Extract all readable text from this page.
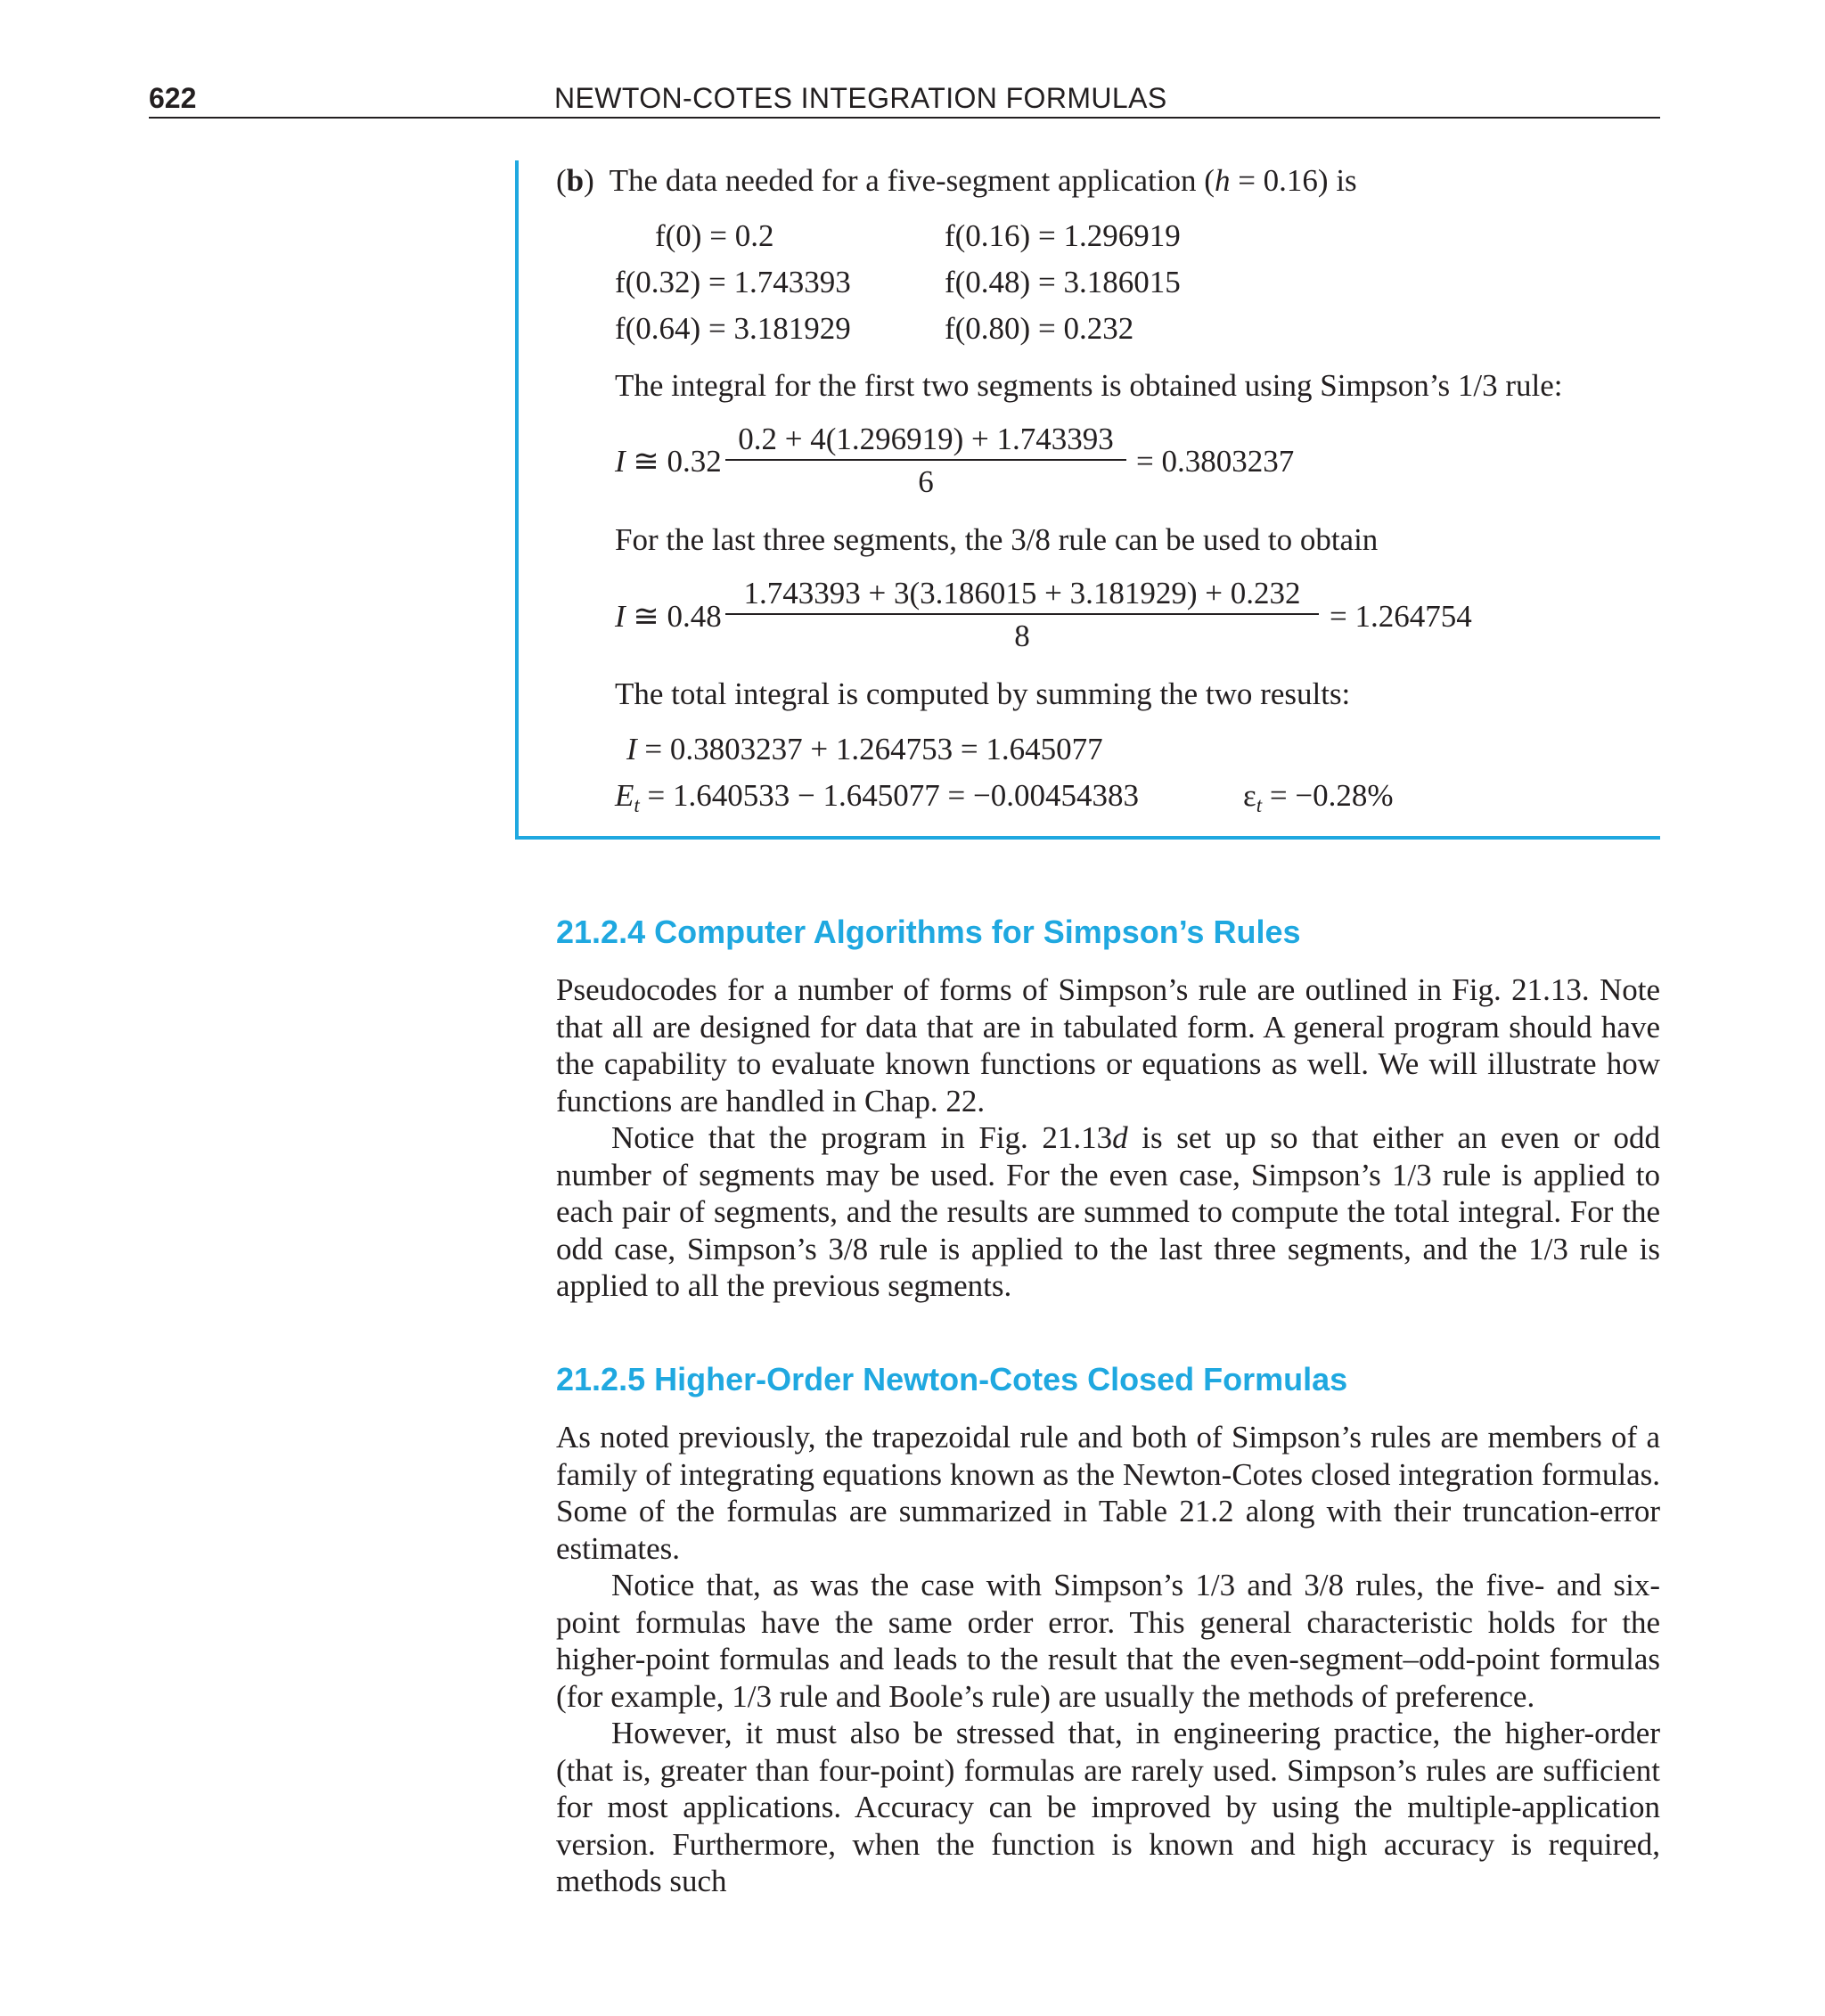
622	NEWTON-COTES INTEGRATION FORMULAS
(b)  The data needed for a five-segment application (h = 0.16) is
f(0) = 0.2	f(0.16) = 1.296919
f(0.32) = 1.743393	f(0.48) = 3.186015
f(0.64) = 3.181929	f(0.80) = 0.232
The integral for the first two segments is obtained using Simpson’s 1/3 rule:
I ≅ 0.32
0.2 + 4(1.296919) + 1.743393
6
= 0.3803237
For the last three segments, the 3/8 rule can be used to obtain
I ≅ 0.48
1.743393 + 3(3.186015 + 3.181929) + 0.232
8
= 1.264754
The total integral is computed by summing the two results:
I = 0.3803237 + 1.264753 = 1.645077
$E_t = 1.640533 - 1.645077 = -0.00454383$	$\varepsilon_t = -0.28\%$
21.2.4 Computer Algorithms for Simpson’s Rules

Pseudocodes for a number of forms of Simpson’s rule are outlined in Fig. 21.13. Note that all are designed for data that are in tabulated form. A general program should have the capability to evaluate known functions or equations as well. We will illustrate how functions are handled in Chap. 22.

Notice that the program in Fig. 21.13d is set up so that either an even or odd number of segments may be used. For the even case, Simpson’s 1/3 rule is applied to each pair of segments, and the results are summed to compute the total integral. For the odd case, Simpson’s 3/8 rule is applied to the last three segments, and the 1/3 rule is applied to all the previous segments.

21.2.5 Higher-Order Newton-Cotes Closed Formulas

As noted previously, the trapezoidal rule and both of Simpson’s rules are members of a family of integrating equations known as the Newton-Cotes closed integration formulas. Some of the formulas are summarized in Table 21.2 along with their truncation-error estimates.

Notice that, as was the case with Simpson’s 1/3 and 3/8 rules, the five- and six-point formulas have the same order error. This general characteristic holds for the higher-point formulas and leads to the result that the even-segment–odd-point formulas (for example, 1/3 rule and Boole’s rule) are usually the methods of preference.

However, it must also be stressed that, in engineering practice, the higher-order (that is, greater than four-point) formulas are rarely used. Simpson’s rules are sufficient for most applications. Accuracy can be improved by using the multiple-application version. Furthermore, when the function is known and high accuracy is required, methods such
